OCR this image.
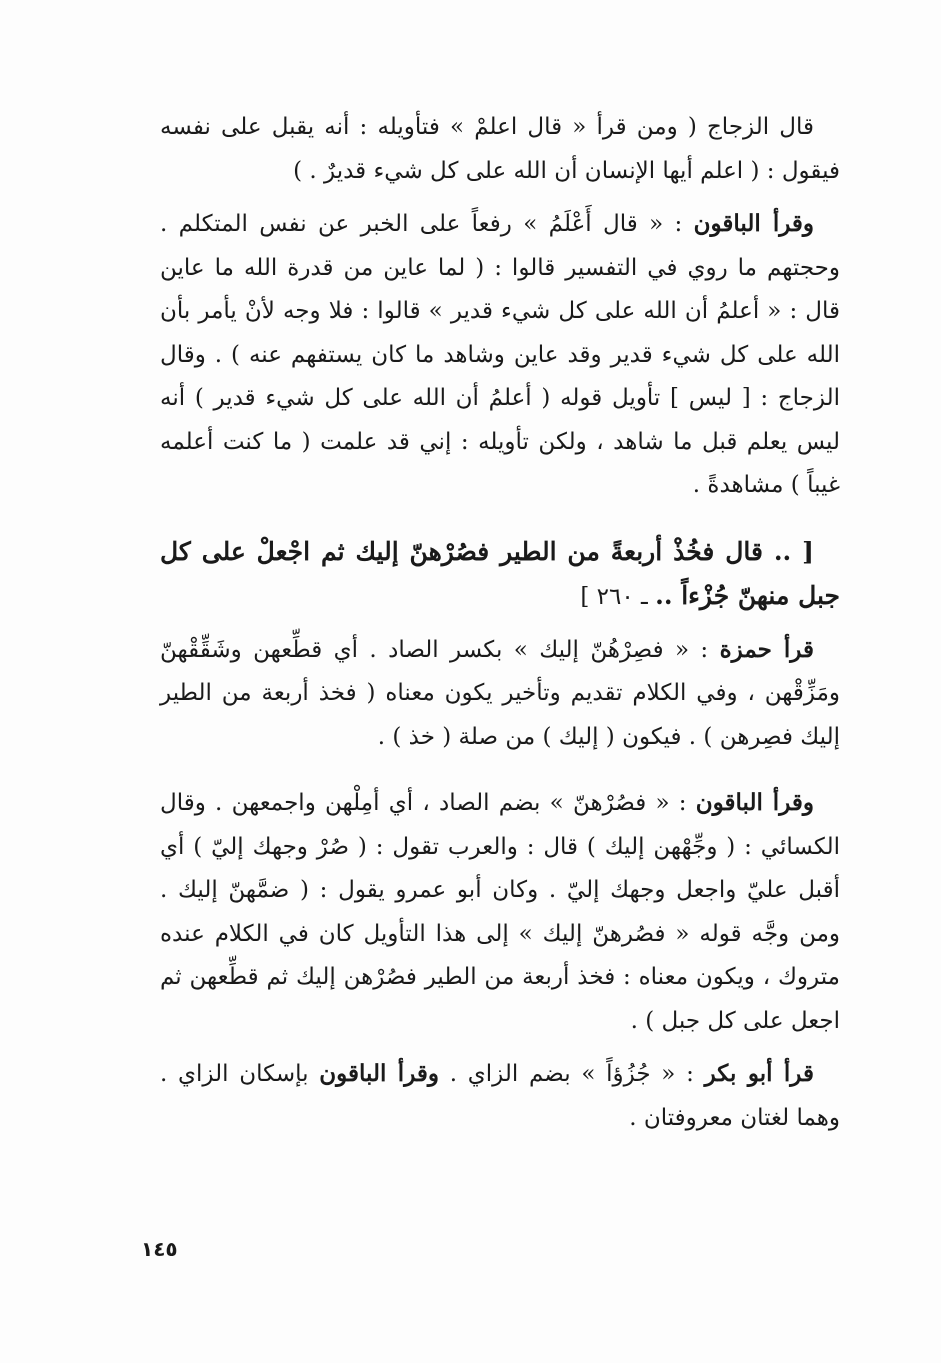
قال الزجاج ( ومن قرأ « قال اعلمْ » فتأويله : أنه يقبل على نفسه فيقول : ( اعلم أيها الإنسان أن الله على كل شيء قديرٌ . )

وقرأ الباقون : « قال أَعْلَمُ » رفعاً على الخبر عن نفس المتكلم . وحجتهم ما روي في التفسير قالوا : ( لما عاين من قدرة الله ما عاين قال : « أعلمُ أن الله على كل شيء قدير » قالوا : فلا وجه لأنْ يأمر بأن الله على كل شيء قدير وقد عاين وشاهد ما كان يستفهم عنه ) . وقال الزجاج : [ ليس ] تأويل قوله ( أعلمُ أن الله على كل شيء قدير ) أنه ليس يعلم قبل ما شاهد ، ولكن تأويله : إني قد علمت ( ما كنت أعلمه غيباً ) مشاهدةً .

[ .. قال فخُذْ أربعةً من الطير فصُرْهنّ إليك ثم اجْعلْ على كل جبل منهنّ جُزْءاً .. ـ ٢٦٠ ]

قرأ حمزة : « فصِرْهُنّ إليك » بكسر الصاد . أي قطِّعهن وشَقِّقْهنّ ومَزِّقْهن ، وفي الكلام تقديم وتأخير يكون معناه ( فخذ أربعة من الطير إليك فصِرهن ) . فيكون ( إليك ) من صلة ( خذ ) .

وقرأ الباقون : « فصُرْهنّ » بضم الصاد ، أي أمِلْهن واجمعهن . وقال الكسائي : ( وجِّهْهن إليك ) قال : والعرب تقول : ( صُرْ وجهك إليّ ) أي أقبل عليّ واجعل وجهك إليّ . وكان أبو عمرو يقول : ( ضمَّهنّ إليك . ومن وجَّه قوله « فصُرهنّ إليك » إلى هذا التأويل كان في الكلام عنده متروك ، ويكون معناه : فخذ أربعة من الطير فصُرْهن إليك ثم قطِّعهن ثم اجعل على كل جبل ) .

قرأ أبو بكر : « جُزُؤاً » بضم الزاي . وقرأ الباقون بإسكان الزاي . وهما لغتان معروفتان .

١٤٥
